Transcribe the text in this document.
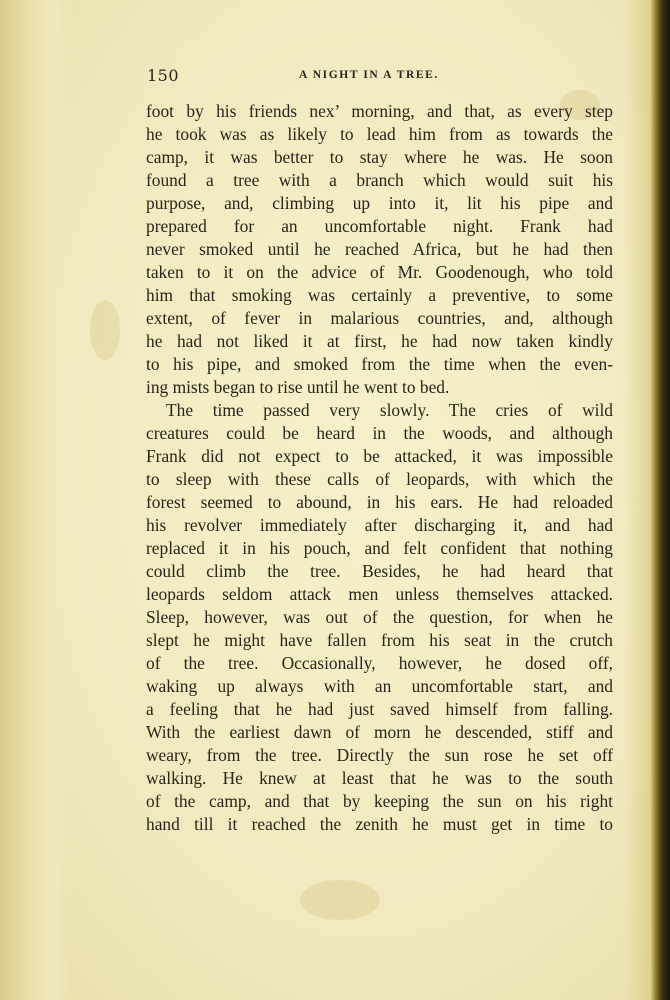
150	A NIGHT IN A TREE.
foot by his friends nex’ morning, and that, as every step
he took was as likely to lead him from as towards the
camp, it was better to stay where he was. He soon
found a tree with a branch which would suit his
purpose, and, climbing up into it, lit his pipe and
prepared for an uncomfortable night. Frank had
never smoked until he reached Africa, but he had then
taken to it on the advice of Mr. Goodenough, who told
him that smoking was certainly a preventive, to some
extent, of fever in malarious countries, and, although
he had not liked it at first, he had now taken kindly
to his pipe, and smoked from the time when the even-
ing mists began to rise until he went to bed.
The time passed very slowly. The cries of wild
creatures could be heard in the woods, and although
Frank did not expect to be attacked, it was impossible
to sleep with these calls of leopards, with which the
forest seemed to abound, in his ears. He had reloaded
his revolver immediately after discharging it, and had
replaced it in his pouch, and felt confident that nothing
could climb the tree. Besides, he had heard that
leopards seldom attack men unless themselves attacked.
Sleep, however, was out of the question, for when he
slept he might have fallen from his seat in the crutch
of the tree. Occasionally, however, he dosed off,
waking up always with an uncomfortable start, and
a feeling that he had just saved himself from falling.
With the earliest dawn of morn he descended, stiff and
weary, from the tree. Directly the sun rose he set off
walking. He knew at least that he was to the south
of the camp, and that by keeping the sun on his right
hand till it reached the zenith he must get in time to
